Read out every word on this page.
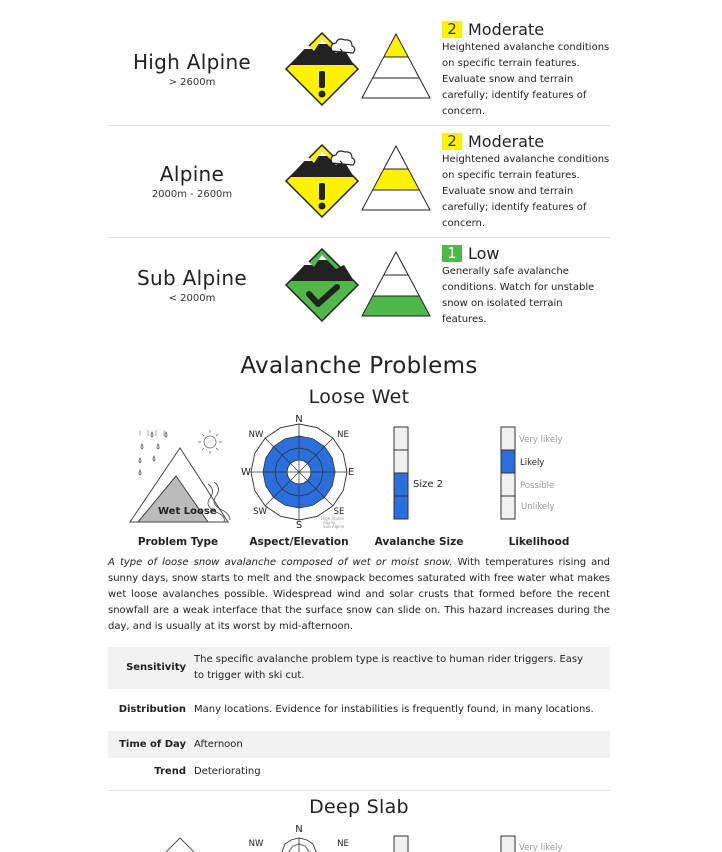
High Alpine
> 2600m
2 Moderate
Heightened avalanche conditions on specific terrain features. Evaluate snow and terrain carefully; identify features of concern.
Alpine
2000m - 2600m
2 Moderate
Heightened avalanche conditions on specific terrain features. Evaluate snow and terrain carefully; identify features of concern.
Sub Alpine
< 2000m
1 Low
Generally safe avalanche conditions. Watch for unstable snow on isolated terrain features.
Avalanche Problems
Loose Wet
Wet Loose
Problem Type
N
NE
E
SE
S
SW
W
NW
High Alpine
Alpine
Sub Alpine
Aspect/Elevation
Size 2
Avalanche Size
Very likely
Likely
Possible
Unlikely
Likelihood
A type of loose snow avalanche composed of wet or moist snow. With temperatures rising and sunny days, snow starts to melt and the snowpack becomes saturated with free water what makes wet loose avalanches possible. Widespread wind and solar crusts that formed before the recent snowfall are a weak interface that the surface snow can slide on. This hazard increases during the day, and is usually at its worst by mid-afternoon.
Sensitivity	The specific avalanche problem type is reactive to human rider triggers. Easy to trigger with ski cut.
Distribution	Many locations. Evidence for instabilities is frequently found, in many locations.
Time of Day	Afternoon
Trend	Deteriorating
Deep Slab
N
NW	NE	Very likely
